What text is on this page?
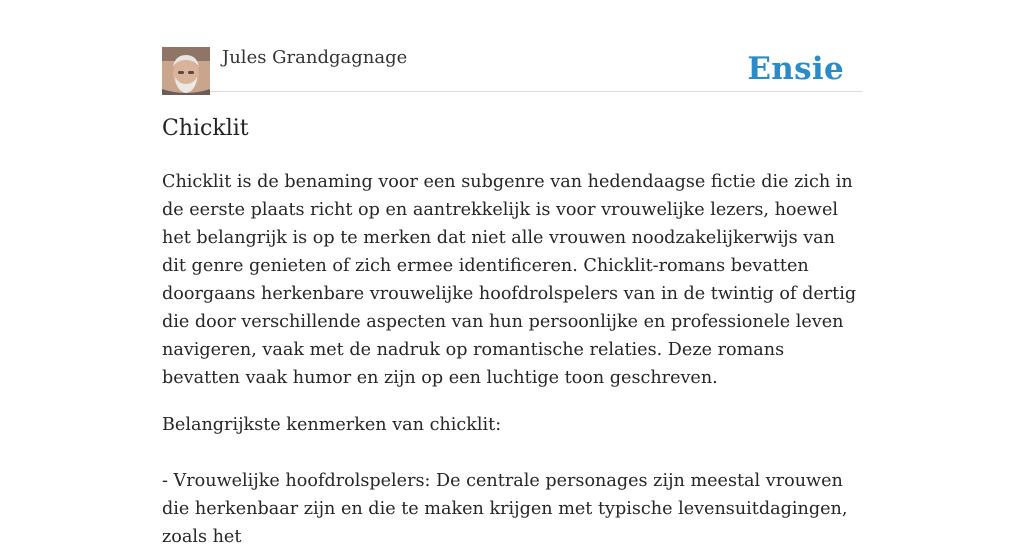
Jules Grandgagnage	Ensie
Chicklit

Chicklit is de benaming voor een subgenre van hedendaagse fictie die zich in de eerste plaats richt op en aantrekkelijk is voor vrouwelijke lezers, hoewel het belangrijk is op te merken dat niet alle vrouwen noodzakelijkerwijs van dit genre genieten of zich ermee identificeren. Chicklit-romans bevatten doorgaans herkenbare vrouwelijke hoofdrolspelers van in de twintig of dertig die door verschillende aspecten van hun persoonlijke en professionele leven navigeren, vaak met de nadruk op romantische relaties. Deze romans bevatten vaak humor en zijn op een luchtige toon geschreven.

Belangrijkste kenmerken van chicklit:

- Vrouwelijke hoofdrolspelers: De centrale personages zijn meestal vrouwen die herkenbaar zijn en die te maken krijgen met typische levensuitdagingen, zoals het
